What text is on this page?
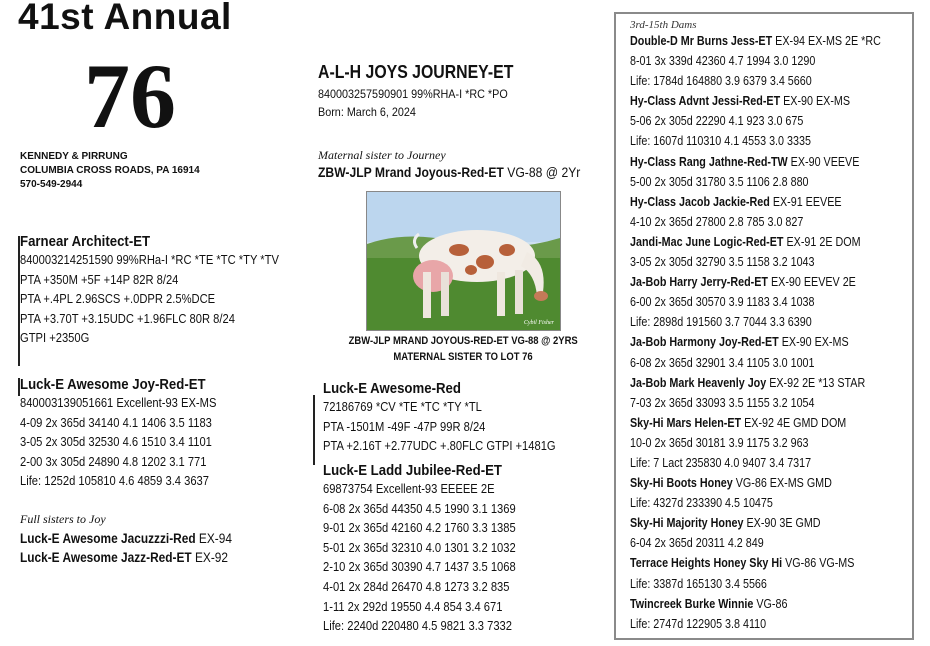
41st Annual
76
KENNEDY & PIRRUNG
COLUMBIA CROSS ROADS, PA 16914
570-549-2944
A-L-H JOYS JOURNEY-ET
840003257590901 99%RHA-I *RC *PO
Born: March 6, 2024
Maternal sister to Journey
ZBW-JLP Mrand Joyous-Red-ET VG-88 @ 2Yr
Cybil Fisher
ZBW-JLP MRAND JOYOUS-RED-ET VG-88 @ 2YRS
MATERNAL SISTER TO LOT 76
Farnear Architect-ET
840003214251590 99%RHa-I *RC *TE *TC *TY *TV
PTA +350M +5F +14P 82R 8/24
PTA +.4PL 2.96SCS +.0DPR 2.5%DCE
PTA +3.70T +3.15UDC +1.96FLC 80R 8/24
GTPI +2350G
Luck-E Awesome Joy-Red-ET
840003139051661 Excellent-93 EX-MS
4-09 2x 365d 34140 4.1 1406 3.5 1183
3-05 2x 305d 32530 4.6 1510 3.4 1101
2-00 3x 305d 24890 4.8 1202 3.1 771
Life: 1252d 105810 4.6 4859 3.4 3637
Full sisters to Joy
Luck-E Awesome Jacuzzzi-Red EX-94
Luck-E Awesome Jazz-Red-ET EX-92
Luck-E Awesome-Red
72186769 *CV *TE *TC *TY *TL
PTA -1501M -49F -47P 99R 8/24
PTA +2.16T +2.77UDC +.80FLC GTPI +1481G
Luck-E Ladd Jubilee-Red-ET
69873754 Excellent-93 EEEEE 2E
6-08 2x 365d 44350 4.5 1990 3.1 1369
9-01 2x 365d 42160 4.2 1760 3.3 1385
5-01 2x 365d 32310 4.0 1301 3.2 1032
2-10 2x 365d 30390 4.7 1437 3.5 1068
4-01 2x 284d 26470 4.8 1273 3.2 835
1-11 2x 292d 19550 4.4 854 3.4 671
Life: 2240d 220480 4.5 9821 3.3 7332
3rd-15th Dams
Double-D Mr Burns Jess-ET EX-94 EX-MS 2E *RC
8-01 3x 339d 42360 4.7 1994 3.0 1290
Life: 1784d 164880 3.9 6379 3.4 5660
Hy-Class Advnt Jessi-Red-ET EX-90 EX-MS
5-06 2x 305d 22290 4.1 923 3.0 675
Life: 1607d 110310 4.1 4553 3.0 3335
Hy-Class Rang Jathne-Red-TW EX-90 VEEVE
5-00 2x 305d 31780 3.5 1106 2.8 880
Hy-Class Jacob Jackie-Red EX-91 EEVEE
4-10 2x 365d 27800 2.8 785 3.0 827
Jandi-Mac June Logic-Red-ET EX-91 2E DOM
3-05 2x 305d 32790 3.5 1158 3.2 1043
Ja-Bob Harry Jerry-Red-ET EX-90 EEVEV 2E
6-00 2x 365d 30570 3.9 1183 3.4 1038
Life: 2898d 191560 3.7 7044 3.3 6390
Ja-Bob Harmony Joy-Red-ET EX-90 EX-MS
6-08 2x 365d 32901 3.4 1105 3.0 1001
Ja-Bob Mark Heavenly Joy EX-92 2E *13 STAR
7-03 2x 365d 33093 3.5 1155 3.2 1054
Sky-Hi Mars Helen-ET EX-92 4E GMD DOM
10-0 2x 365d 30181 3.9 1175 3.2 963
Life: 7 Lact 235830 4.0 9407 3.4 7317
Sky-Hi Boots Honey VG-86 EX-MS GMD
Life: 4327d 233390 4.5 10475
Sky-Hi Majority Honey EX-90 3E GMD
6-04 2x 365d 20311 4.2 849
Terrace Heights Honey Sky Hi VG-86 VG-MS
Life: 3387d 165130 3.4 5566
Twincreek Burke Winnie VG-86
Life: 2747d 122905 3.8 4110
